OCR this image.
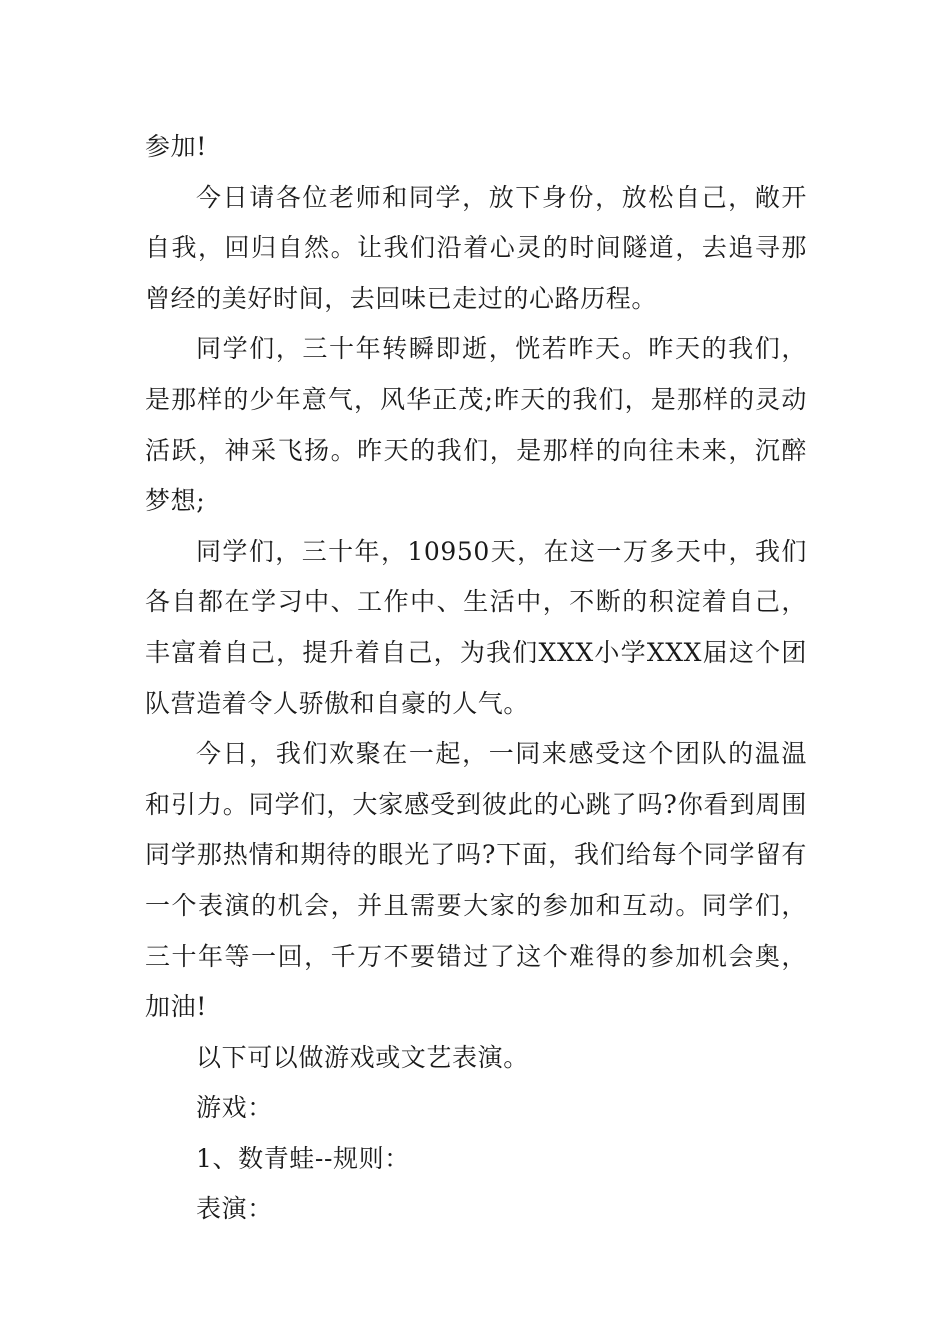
参加!

今日请各位老师和同学，放下身份，放松自己，敞开自我，回归自然。让我们沿着心灵的时间隧道，去追寻那曾经的美好时间，去回味已走过的心路历程。

同学们，三十年转瞬即逝，恍若昨天。昨天的我们，是那样的少年意气，风华正茂;昨天的我们，是那样的灵动活跃，神采飞扬。昨天的我们，是那样的向往未来，沉醉梦想;

同学们，三十年，10950天，在这一万多天中，我们各自都在学习中、工作中、生活中，不断的积淀着自己，丰富着自己，提升着自己，为我们XXX小学XXX届这个团队营造着令人骄傲和自豪的人气。

今日，我们欢聚在一起，一同来感受这个团队的温温和引力。同学们，大家感受到彼此的心跳了吗?你看到周围同学那热情和期待的眼光了吗?下面，我们给每个同学留有一个表演的机会，并且需要大家的参加和互动。同学们，三十年等一回，千万不要错过了这个难得的参加机会奥，加油!

以下可以做游戏或文艺表演。

游戏：

1、数青蛙--规则：

表演：
